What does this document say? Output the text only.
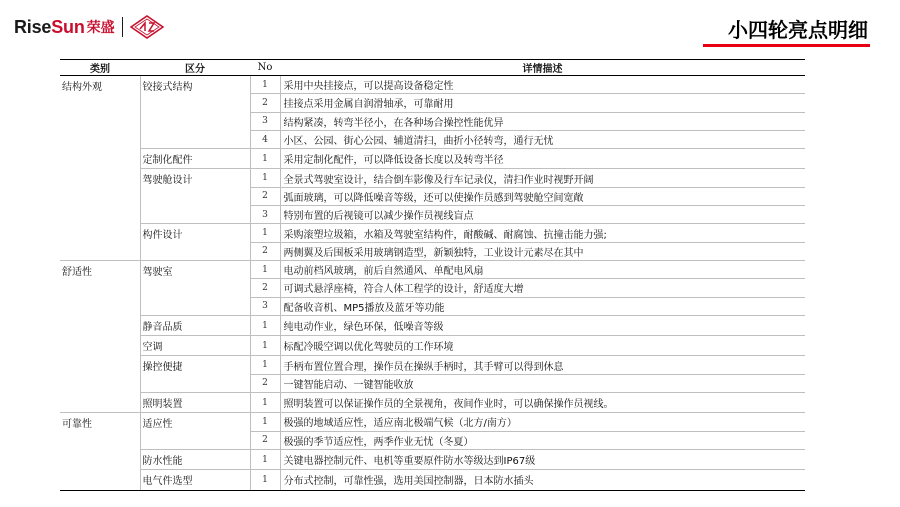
RiseSun 荣盛	小四轮亮点明细
类别	区分	No	详情描述
结构外观	铰接式结构	1	采用中央挂接点，可以提高设备稳定性
		2	挂接点采用金属自润滑轴承，可靠耐用
		3	结构紧凑，转弯半径小，在各种场合操控性能优异
		4	小区、公园、街心公园、辅道清扫，曲折小径转弯，通行无忧
	定制化配件	1	采用定制化配件，可以降低设备长度以及转弯半径
	驾驶舱设计	1	全景式驾驶室设计，结合倒车影像及行车记录仪，清扫作业时视野开阔
		2	弧面玻璃，可以降低噪音等级，还可以使操作员感到驾驶舱空间宽敞
		3	特别布置的后视镜可以减少操作员视线盲点
	构件设计	1	采购滚塑垃圾箱，水箱及驾驶室结构件，耐酸碱、耐腐蚀、抗撞击能力强;
		2	两侧翼及后围板采用玻璃钢造型，新颖独特，工业设计元素尽在其中
舒适性	驾驶室	1	电动前档风玻璃，前后自然通风、单配电风扇
		2	可调式悬浮座椅，符合人体工程学的设计，舒适度大增
		3	配备收音机、MP5播放及蓝牙等功能
	静音品质	1	纯电动作业，绿色环保，低噪音等级
	空调	1	标配冷暖空调以优化驾驶员的工作环境
	操控便捷	1	手柄布置位置合理，操作员在操纵手柄时，其手臂可以得到休息
		2	一键智能启动、一键智能收放
	照明装置	1	照明装置可以保证操作员的全景视角，夜间作业时，可以确保操作员视线。
可靠性	适应性	1	极强的地域适应性，适应南北极端气候（北方/南方）
		2	极强的季节适应性，两季作业无忧（冬夏）
	防水性能	1	关键电器控制元件、电机等重要原件防水等级达到IP67级
	电气件选型	1	分布式控制，可靠性强，选用美国控制器，日本防水插头
